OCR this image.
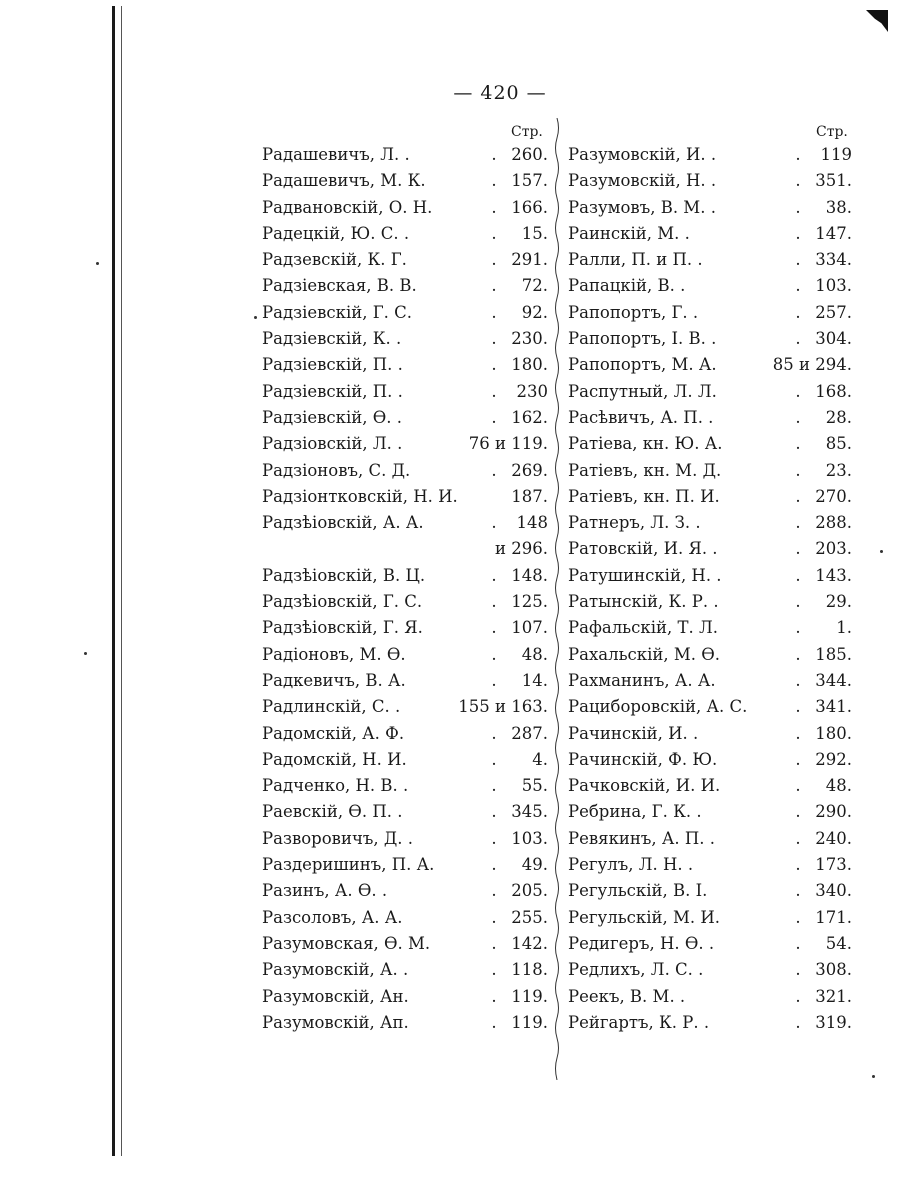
— 420 —
Стр.	Стр.
Радашевичъ, Л. .	. 260.
Радашевичъ, М. К.	. 157.
Радвановскій, О. Н.	. 166.
Радецкій, Ю. С. .	.	15.
Радзевскій, К. Г.	. 291.
Радзіевская, В. В.	.	72.
Радзіевскій, Г. С.	.	92.
Радзіевскій, К. .	. 230.
Радзіевскій, П. .	. 180.
Радзіевскій, П. .	.	230
Радзіевскій, Ѳ. .	. 162.
Радзіовскій, Л. .	76 и 119.
Радзіоновъ, С. Д.	. 269.
Радзіонтковскій, Н. И.	187.
Радзѣіовскій, А. А.	.	148
и 296.
Радзѣіовскій, В. Ц.	. 148.
Радзѣіовскій, Г. С.	. 125.
Радзѣіовскій, Г. Я.	. 107.
Радіоновъ, М. Ѳ.	.	48.
Радкевичъ, В. А.	.	14.
Радлинскій, С. .	155 и 163.
Радомскій, А. Ф.	. 287.
Радомскій, Н. И.	.	4.
Радченко, Н. В. .	.	55.
Раевскій, Ѳ. П. .	. 345.
Разворовичъ, Д. .	. 103.
Раздеришинъ, П. А.	.	49.
Разинъ, А. Ѳ. .	. 205.
Разсоловъ, А. А.	. 255.
Разумовская, Ѳ. М.	. 142.
Разумовскій, А. .	. 118.
Разумовскій, Ан.	. 119.
Разумовскій, Ап.	. 119.
Разумовскій, И. .	.	119
Разумовскій, Н. .	. 351.
Разумовъ, В. М. .	.	38.
Раинскій, М. .	. 147.
Ралли, П. и П. .	. 334.
Рапацкій, В. .	. 103.
Рапопортъ, Г. .	. 257.
Рапопортъ, І. В. .	. 304.
Рапопортъ, М. А.	85 и 294.
Распутный, Л. Л.	. 168.
Расѣвичъ, А. П. .	.	28.
Ратіева, кн. Ю. А.	.	85.
Ратіевъ, кн. М. Д.	.	23.
Ратіевъ, кн. П. И.	. 270.
Ратнеръ, Л. З. .	. 288.
Ратовскій, И. Я. .	. 203.
Ратушинскій, Н. .	. 143.
Ратынскій, К. Р. .	.	29.
Рафальскій, Т. Л.	.	1.
Рахальскій, М. Ѳ.	. 185.
Рахманинъ, А. А.	. 344.
Рациборовскій, А. С.	. 341.
Рачинскій, И. .	. 180.
Рачинскій, Ф. Ю.	. 292.
Рачковскій, И. И.	.	48.
Ребрина, Г. К. .	. 290.
Ревякинъ, А. П. .	. 240.
Регулъ, Л. Н. .	. 173.
Регульскій, В. І.	. 340.
Регульскій, М. И.	. 171.
Редигеръ, Н. Ѳ. .	.	54.
Редлихъ, Л. С. .	. 308.
Реекъ, В. М. .	. 321.
Рейгартъ, К. Р. .	. 319.
